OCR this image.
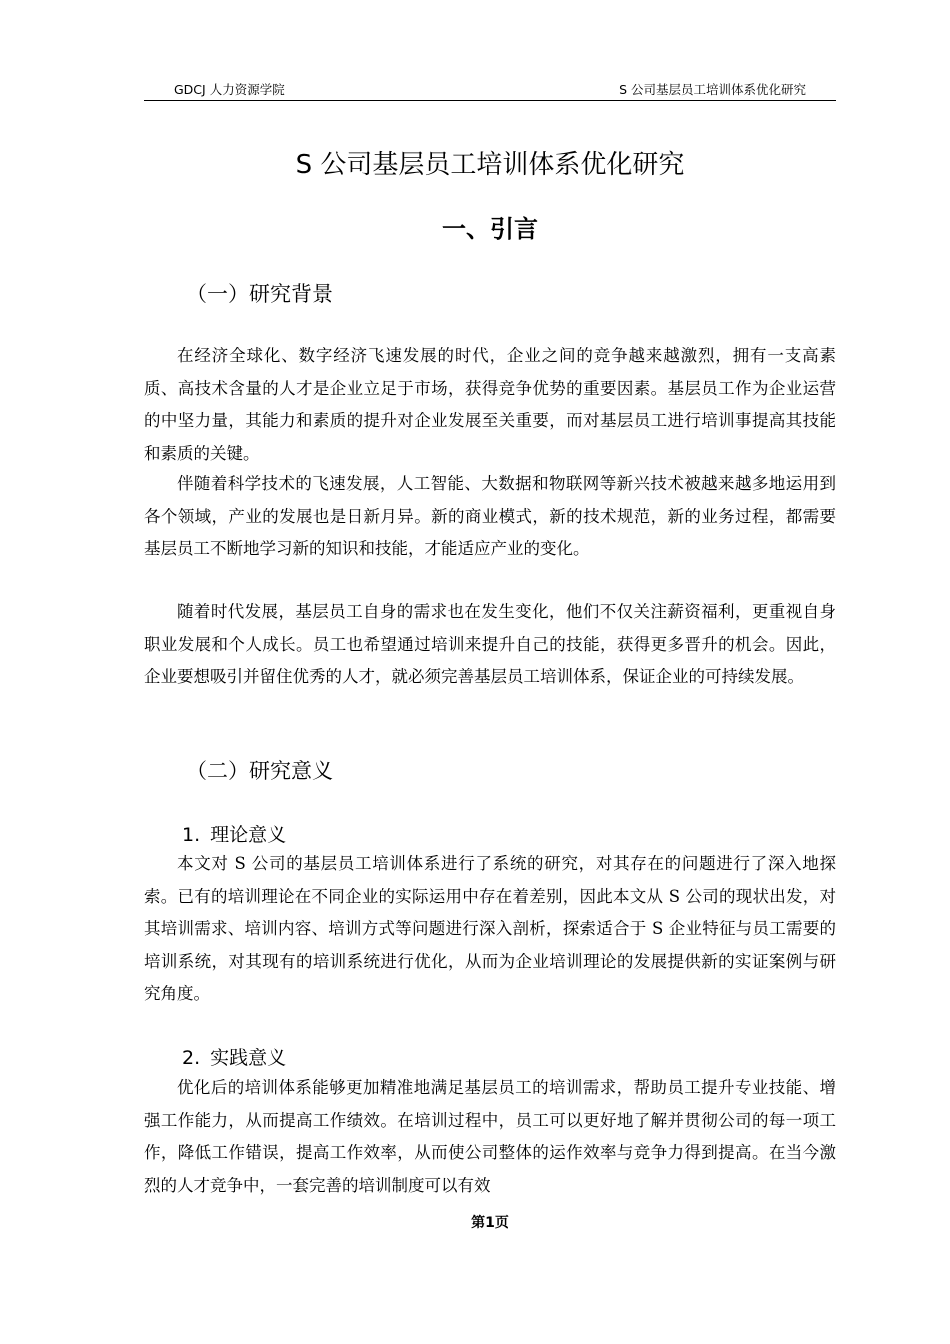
GDCJ 人力资源学院	S 公司基层员工培训体系优化研究
S 公司基层员工培训体系优化研究
一、引言
（一）研究背景

在经济全球化、数字经济飞速发展的时代，企业之间的竞争越来越激烈，拥有一支高素质、高技术含量的人才是企业立足于市场，获得竞争优势的重要因素。基层员工作为企业运营的中坚力量，其能力和素质的提升对企业发展至关重要，而对基层员工进行培训事提高其技能和素质的关键。

伴随着科学技术的飞速发展，人工智能、大数据和物联网等新兴技术被越来越多地运用到各个领域，产业的发展也是日新月异。新的商业模式，新的技术规范，新的业务过程，都需要基层员工不断地学习新的知识和技能，才能适应产业的变化。

随着时代发展，基层员工自身的需求也在发生变化，他们不仅关注薪资福利，更重视自身职业发展和个人成长。员工也希望通过培训来提升自己的技能，获得更多晋升的机会。因此，企业要想吸引并留住优秀的人才，就必须完善基层员工培训体系，保证企业的可持续发展。

（二）研究意义
1. 理论意义

本文对 S 公司的基层员工培训体系进行了系统的研究，对其存在的问题进行了深入地探索。已有的培训理论在不同企业的实际运用中存在着差别，因此本文从 S 公司的现状出发，对其培训需求、培训内容、培训方式等问题进行深入剖析，探索适合于 S 企业特征与员工需要的培训系统，对其现有的培训系统进行优化，从而为企业培训理论的发展提供新的实证案例与研究角度。

2. 实践意义

优化后的培训体系能够更加精准地满足基层员工的培训需求，帮助员工提升专业技能、增强工作能力，从而提高工作绩效。在培训过程中，员工可以更好地了解并贯彻公司的每一项工作，降低工作错误，提高工作效率，从而使公司整体的运作效率与竞争力得到提高。在当今激烈的人才竞争中，一套完善的培训制度可以有效

第1页
